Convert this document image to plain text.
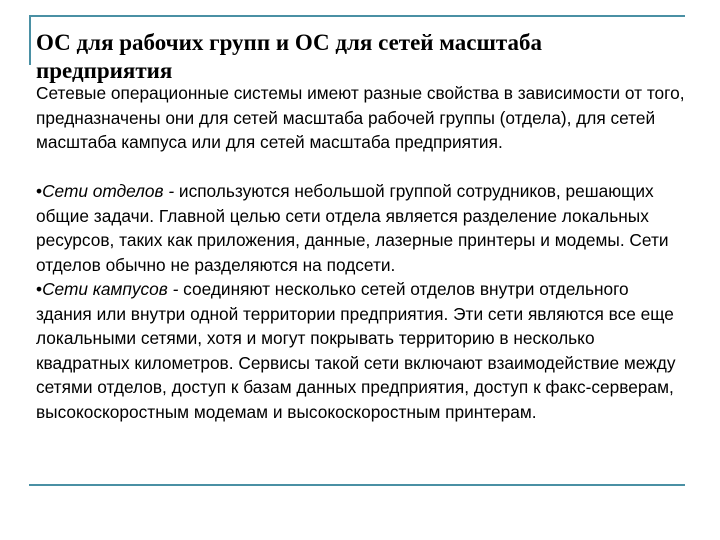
ОС для рабочих групп и ОС для сетей масштаба предприятия

Сетевые операционные системы имеют разные свойства в зависимости от того, предназначены они для сетей масштаба рабочей группы (отдела), для сетей масштаба кампуса или для сетей масштаба предприятия.

•Сети отделов - используются небольшой группой сотрудников, решающих общие задачи. Главной целью сети отдела является разделение локальных ресурсов, таких как приложения, данные, лазерные принтеры и модемы. Сети отделов обычно не разделяются на подсети.

•Сети кампусов - соединяют несколько сетей отделов внутри отдельного здания или внутри одной территории предприятия. Эти сети являются все еще локальными сетями, хотя и могут покрывать территорию в несколько квадратных километров. Сервисы такой сети включают взаимодействие между сетями отделов, доступ к базам данных предприятия, доступ к факс-серверам, высокоскоростным модемам и высокоскоростным принтерам.
